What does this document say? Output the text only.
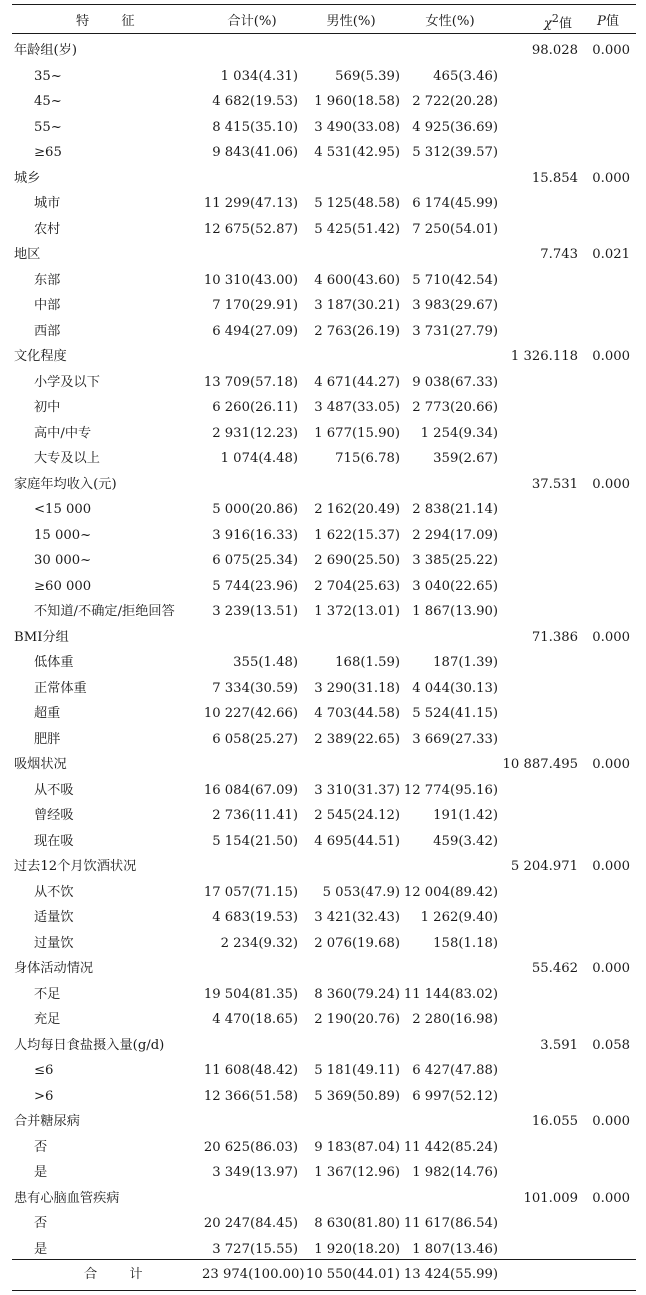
特 征	合计(%)	男性(%)	女性(%)	$\chi^2$值	P值
年龄组(岁)				98.028	0.000
35~	1 034(4.31)	569(5.39)	465(3.46)		
45~	4 682(19.53)	1 960(18.58)	2 722(20.28)		
55~	8 415(35.10)	3 490(33.08)	4 925(36.69)		
≥65	9 843(41.06)	4 531(42.95)	5 312(39.57)		
城乡				15.854	0.000
城市	11 299(47.13)	5 125(48.58)	6 174(45.99)		
农村	12 675(52.87)	5 425(51.42)	7 250(54.01)		
地区				7.743	0.021
东部	10 310(43.00)	4 600(43.60)	5 710(42.54)		
中部	7 170(29.91)	3 187(30.21)	3 983(29.67)		
西部	6 494(27.09)	2 763(26.19)	3 731(27.79)		
文化程度				1 326.118	0.000
小学及以下	13 709(57.18)	4 671(44.27)	9 038(67.33)		
初中	6 260(26.11)	3 487(33.05)	2 773(20.66)		
高中/中专	2 931(12.23)	1 677(15.90)	1 254(9.34)		
大专及以上	1 074(4.48)	715(6.78)	359(2.67)		
家庭年均收入(元)				37.531	0.000
<15 000	5 000(20.86)	2 162(20.49)	2 838(21.14)		
15 000~	3 916(16.33)	1 622(15.37)	2 294(17.09)		
30 000~	6 075(25.34)	2 690(25.50)	3 385(25.22)		
≥60 000	5 744(23.96)	2 704(25.63)	3 040(22.65)		
不知道/不确定/拒绝回答	3 239(13.51)	1 372(13.01)	1 867(13.90)		
BMI分组				71.386	0.000
低体重	355(1.48)	168(1.59)	187(1.39)		
正常体重	7 334(30.59)	3 290(31.18)	4 044(30.13)		
超重	10 227(42.66)	4 703(44.58)	5 524(41.15)		
肥胖	6 058(25.27)	2 389(22.65)	3 669(27.33)		
吸烟状况				10 887.495	0.000
从不吸	16 084(67.09)	3 310(31.37)	12 774(95.16)		
曾经吸	2 736(11.41)	2 545(24.12)	191(1.42)		
现在吸	5 154(21.50)	4 695(44.51)	459(3.42)		
过去12个月饮酒状况				5 204.971	0.000
从不饮	17 057(71.15)	5 053(47.9)	12 004(89.42)		
适量饮	4 683(19.53)	3 421(32.43)	1 262(9.40)		
过量饮	2 234(9.32)	2 076(19.68)	158(1.18)		
身体活动情况				55.462	0.000
不足	19 504(81.35)	8 360(79.24)	11 144(83.02)		
充足	4 470(18.65)	2 190(20.76)	2 280(16.98)		
人均每日食盐摄入量(g/d)				3.591	0.058
≤6	11 608(48.42)	5 181(49.11)	6 427(47.88)		
>6	12 366(51.58)	5 369(50.89)	6 997(52.12)		
合并糖尿病				16.055	0.000
否	20 625(86.03)	9 183(87.04)	11 442(85.24)		
是	3 349(13.97)	1 367(12.96)	1 982(14.76)		
患有心脑血管疾病				101.009	0.000
否	20 247(84.45)	8 630(81.80)	11 617(86.54)		
是	3 727(15.55)	1 920(18.20)	1 807(13.46)		
合 计	23 974(100.00)	10 550(44.01)	13 424(55.99)		
